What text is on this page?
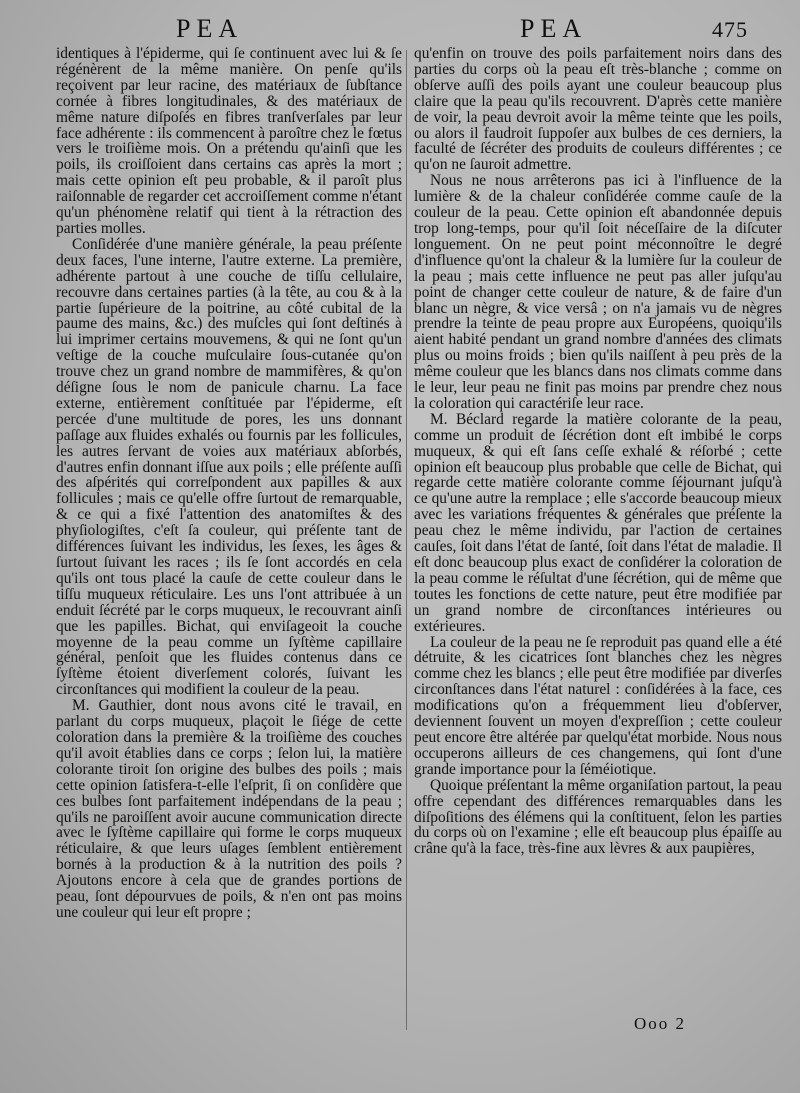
PEA	PEA	475

identiques à l'épiderme, qui ſe continuent avec lui & ſe régénèrent de la même manière. On penſe qu'ils reçoivent par leur racine, des matériaux de ſubſtance cornée à fibres longitudinales, & des matériaux de même nature diſpoſés en fibres tranſverſales par leur face adhérente : ils commencent à paroître chez le fœtus vers le troiſième mois. On a prétendu qu'ainſi que les poils, ils croiſſoient dans certains cas après la mort ; mais cette opinion eſt peu probable, & il paroît plus raiſonnable de regarder cet accroiſſement comme n'étant qu'un phénomène relatif qui tient à la rétraction des parties molles.

Conſidérée d'une manière générale, la peau préſente deux faces, l'une interne, l'autre externe. La première, adhérente partout à une couche de tiſſu cellulaire, recouvre dans certaines parties (à la tête, au cou & à la partie ſupérieure de la poitrine, au côté cubital de la paume des mains, &c.) des muſcles qui ſont deſtinés à lui imprimer certains mouvemens, & qui ne ſont qu'un veſtige de la couche muſculaire ſous-cutanée qu'on trouve chez un grand nombre de mammifères, & qu'on déſigne ſous le nom de panicule charnu. La face externe, entièrement conſtituée par l'épiderme, eſt percée d'une multitude de pores, les uns donnant paſſage aux fluides exhalés ou fournis par les follicules, les autres ſervant de voies aux matériaux abſorbés, d'autres enfin donnant iſſue aux poils ; elle préſente auſſi des aſpérités qui correſpondent aux papilles & aux follicules ; mais ce qu'elle offre ſurtout de remarquable, & ce qui a fixé l'attention des anatomiſtes & des phyſiologiſtes, c'eſt ſa couleur, qui préſente tant de différences ſuivant les individus, les ſexes, les âges & ſurtout ſuivant les races ; ils ſe ſont accordés en cela qu'ils ont tous placé la cauſe de cette couleur dans le tiſſu muqueux réticulaire. Les uns l'ont attribuée à un enduit ſécrété par le corps muqueux, le recouvrant ainſi que les papilles. Bichat, qui enviſageoit la couche moyenne de la peau comme un ſyſtème capillaire général, penſoit que les fluides contenus dans ce ſyſtème étoient diverſement colorés, ſuivant les circonſtances qui modifient la couleur de la peau.

M. Gauthier, dont nous avons cité le travail, en parlant du corps muqueux, plaçoit le ſiége de cette coloration dans la première & la troiſième des couches qu'il avoit établies dans ce corps ; ſelon lui, la matière colorante tiroit ſon origine des bulbes des poils ; mais cette opinion ſatisfera-t-elle l'eſprit, ſi on conſidère que ces bulbes ſont parfaitement indépendans de la peau ; qu'ils ne paroiſſent avoir aucune communication directe avec le ſyſtème capillaire qui forme le corps muqueux réticulaire, & que leurs uſages ſemblent entièrement bornés à la production & à la nutrition des poils ? Ajoutons encore à cela que de grandes portions de peau, ſont dépourvues de poils, & n'en ont pas moins une couleur qui leur eſt propre ;

qu'enfin on trouve des poils parfaitement noirs dans des parties du corps où la peau eſt très-blanche ; comme on obſerve auſſi des poils ayant une couleur beaucoup plus claire que la peau qu'ils recouvrent. D'après cette manière de voir, la peau devroit avoir la même teinte que les poils, ou alors il faudroit ſuppoſer aux bulbes de ces derniers, la faculté de ſécréter des produits de couleurs différentes ; ce qu'on ne ſauroit admettre.

Nous ne nous arrêterons pas ici à l'influence de la lumière & de la chaleur conſidérée comme cauſe de la couleur de la peau. Cette opinion eſt abandonnée depuis trop long-temps, pour qu'il ſoit néceſſaire de la diſcuter longuement. On ne peut point méconnoître le degré d'influence qu'ont la chaleur & la lumière ſur la couleur de la peau ; mais cette influence ne peut pas aller juſqu'au point de changer cette couleur de nature, & de faire d'un blanc un nègre, & vice versâ ; on n'a jamais vu de nègres prendre la teinte de peau propre aux Européens, quoiqu'ils aient habité pendant un grand nombre d'années des climats plus ou moins froids ; bien qu'ils naiſſent à peu près de la même couleur que les blancs dans nos climats comme dans le leur, leur peau ne finit pas moins par prendre chez nous la coloration qui caractériſe leur race.

M. Béclard regarde la matière colorante de la peau, comme un produit de ſécrétion dont eſt imbibé le corps muqueux, & qui eſt ſans ceſſe exhalé & réſorbé ; cette opinion eſt beaucoup plus probable que celle de Bichat, qui regarde cette matière colorante comme ſéjournant juſqu'à ce qu'une autre la remplace ; elle s'accorde beaucoup mieux avec les variations fréquentes & générales que préſente la peau chez le même individu, par l'action de certaines cauſes, ſoit dans l'état de ſanté, ſoit dans l'état de maladie. Il eſt donc beaucoup plus exact de conſidérer la coloration de la peau comme le réſultat d'une ſécrétion, qui de même que toutes les fonctions de cette nature, peut être modifiée par un grand nombre de circonſtances intérieures ou extérieures.

La couleur de la peau ne ſe reproduit pas quand elle a été détruite, & les cicatrices ſont blanches chez les nègres comme chez les blancs ; elle peut être modifiée par diverſes circonſtances dans l'état naturel : conſidérées à la face, ces modifications qu'on a fréquemment lieu d'obſerver, deviennent ſouvent un moyen d'expreſſion ; cette couleur peut encore être altérée par quelqu'état morbide. Nous nous occuperons ailleurs de ces changemens, qui ſont d'une grande importance pour la ſéméiotique.

Quoique préſentant la même organiſation partout, la peau offre cependant des différences remarquables dans les diſpoſitions des élémens qui la conſtituent, ſelon les parties du corps où on l'examine ; elle eſt beaucoup plus épaiſſe au crâne qu'à la face, très-fine aux lèvres & aux paupières,

Ooo 2
